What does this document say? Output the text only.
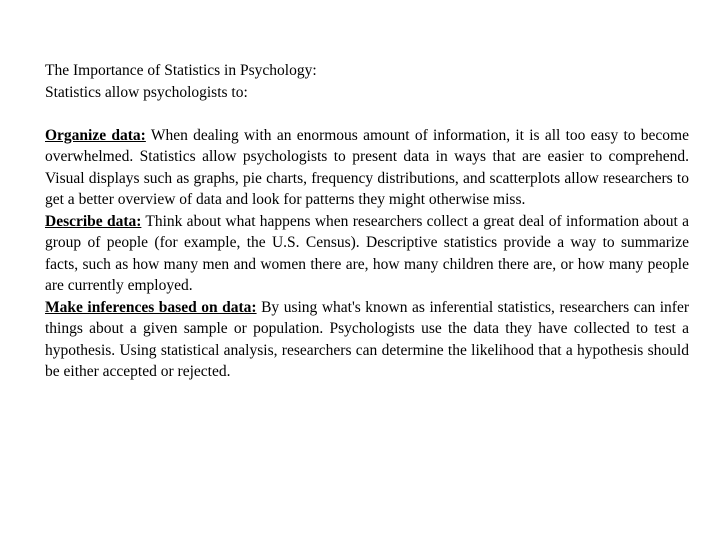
The Importance of Statistics in Psychology:
Statistics allow psychologists to:
Organize data: When dealing with an enormous amount of information, it is all too easy to become overwhelmed. Statistics allow psychologists to present data in ways that are easier to comprehend. Visual displays such as graphs, pie charts, frequency distributions, and scatterplots allow researchers to get a better overview of data and look for patterns they might otherwise miss.
Describe data: Think about what happens when researchers collect a great deal of information about a group of people (for example, the U.S. Census). Descriptive statistics provide a way to summarize facts, such as how many men and women there are, how many children there are, or how many people are currently employed.
Make inferences based on data: By using what's known as inferential statistics, researchers can infer things about a given sample or population. Psychologists use the data they have collected to test a hypothesis. Using statistical analysis, researchers can determine the likelihood that a hypothesis should be either accepted or rejected.
